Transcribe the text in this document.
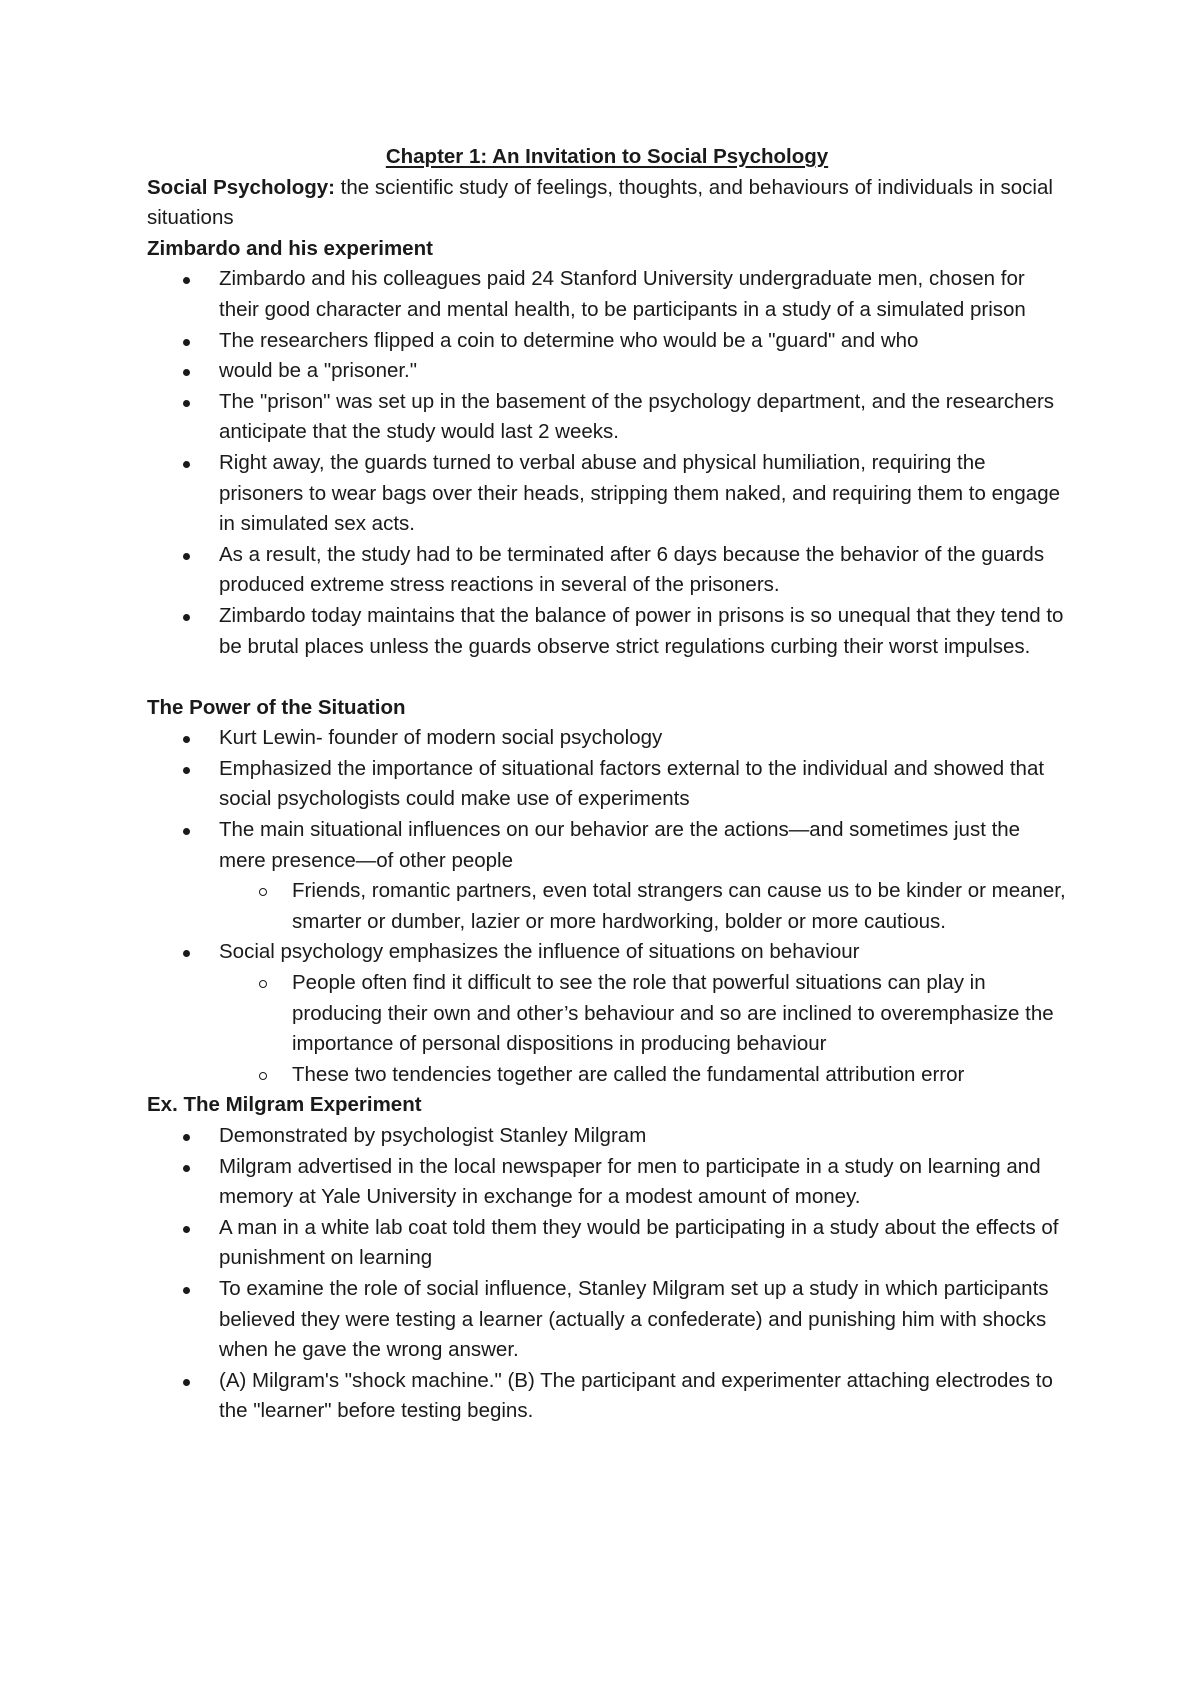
Chapter 1: An Invitation to Social Psychology

Social Psychology: the scientific study of feelings, thoughts, and behaviours of individuals in social situations

Zimbardo and his experiment

Zimbardo and his colleagues paid 24 Stanford University undergraduate men, chosen for their good character and mental health, to be participants in a study of a simulated prison
The researchers flipped a coin to determine who would be a "guard" and who
would be a "prisoner."
The "prison" was set up in the basement of the psychology department, and the researchers anticipate that the study would last 2 weeks.
Right away, the guards turned to verbal abuse and physical humiliation, requiring the prisoners to wear bags over their heads, stripping them naked, and requiring them to engage in simulated sex acts.
As a result, the study had to be terminated after 6 days because the behavior of the guards produced extreme stress reactions in several of the prisoners.
Zimbardo today maintains that the balance of power in prisons is so unequal that they tend to be brutal places unless the guards observe strict regulations curbing their worst impulses.

The Power of the Situation

Kurt Lewin- founder of modern social psychology
Emphasized the importance of situational factors external to the individual and showed that social psychologists could make use of experiments
The main situational influences on our behavior are the actions—and sometimes just the mere presence—of other people
Friends, romantic partners, even total strangers can cause us to be kinder or meaner, smarter or dumber, lazier or more hardworking, bolder or more cautious.
Social psychology emphasizes the influence of situations on behaviour
People often find it difficult to see the role that powerful situations can play in producing their own and other’s behaviour and so are inclined to overemphasize the importance of personal dispositions in producing behaviour
These two tendencies together are called the fundamental attribution error

Ex. The Milgram Experiment

Demonstrated by psychologist Stanley Milgram
Milgram advertised in the local newspaper for men to participate in a study on learning and memory at Yale University in exchange for a modest amount of money.
A man in a white lab coat told them they would be participating in a study about the effects of punishment on learning
To examine the role of social influence, Stanley Milgram set up a study in which participants believed they were testing a learner (actually a confederate) and punishing him with shocks when he gave the wrong answer.
(A) Milgram's "shock machine." (B) The participant and experimenter attaching electrodes to the "learner" before testing begins.
